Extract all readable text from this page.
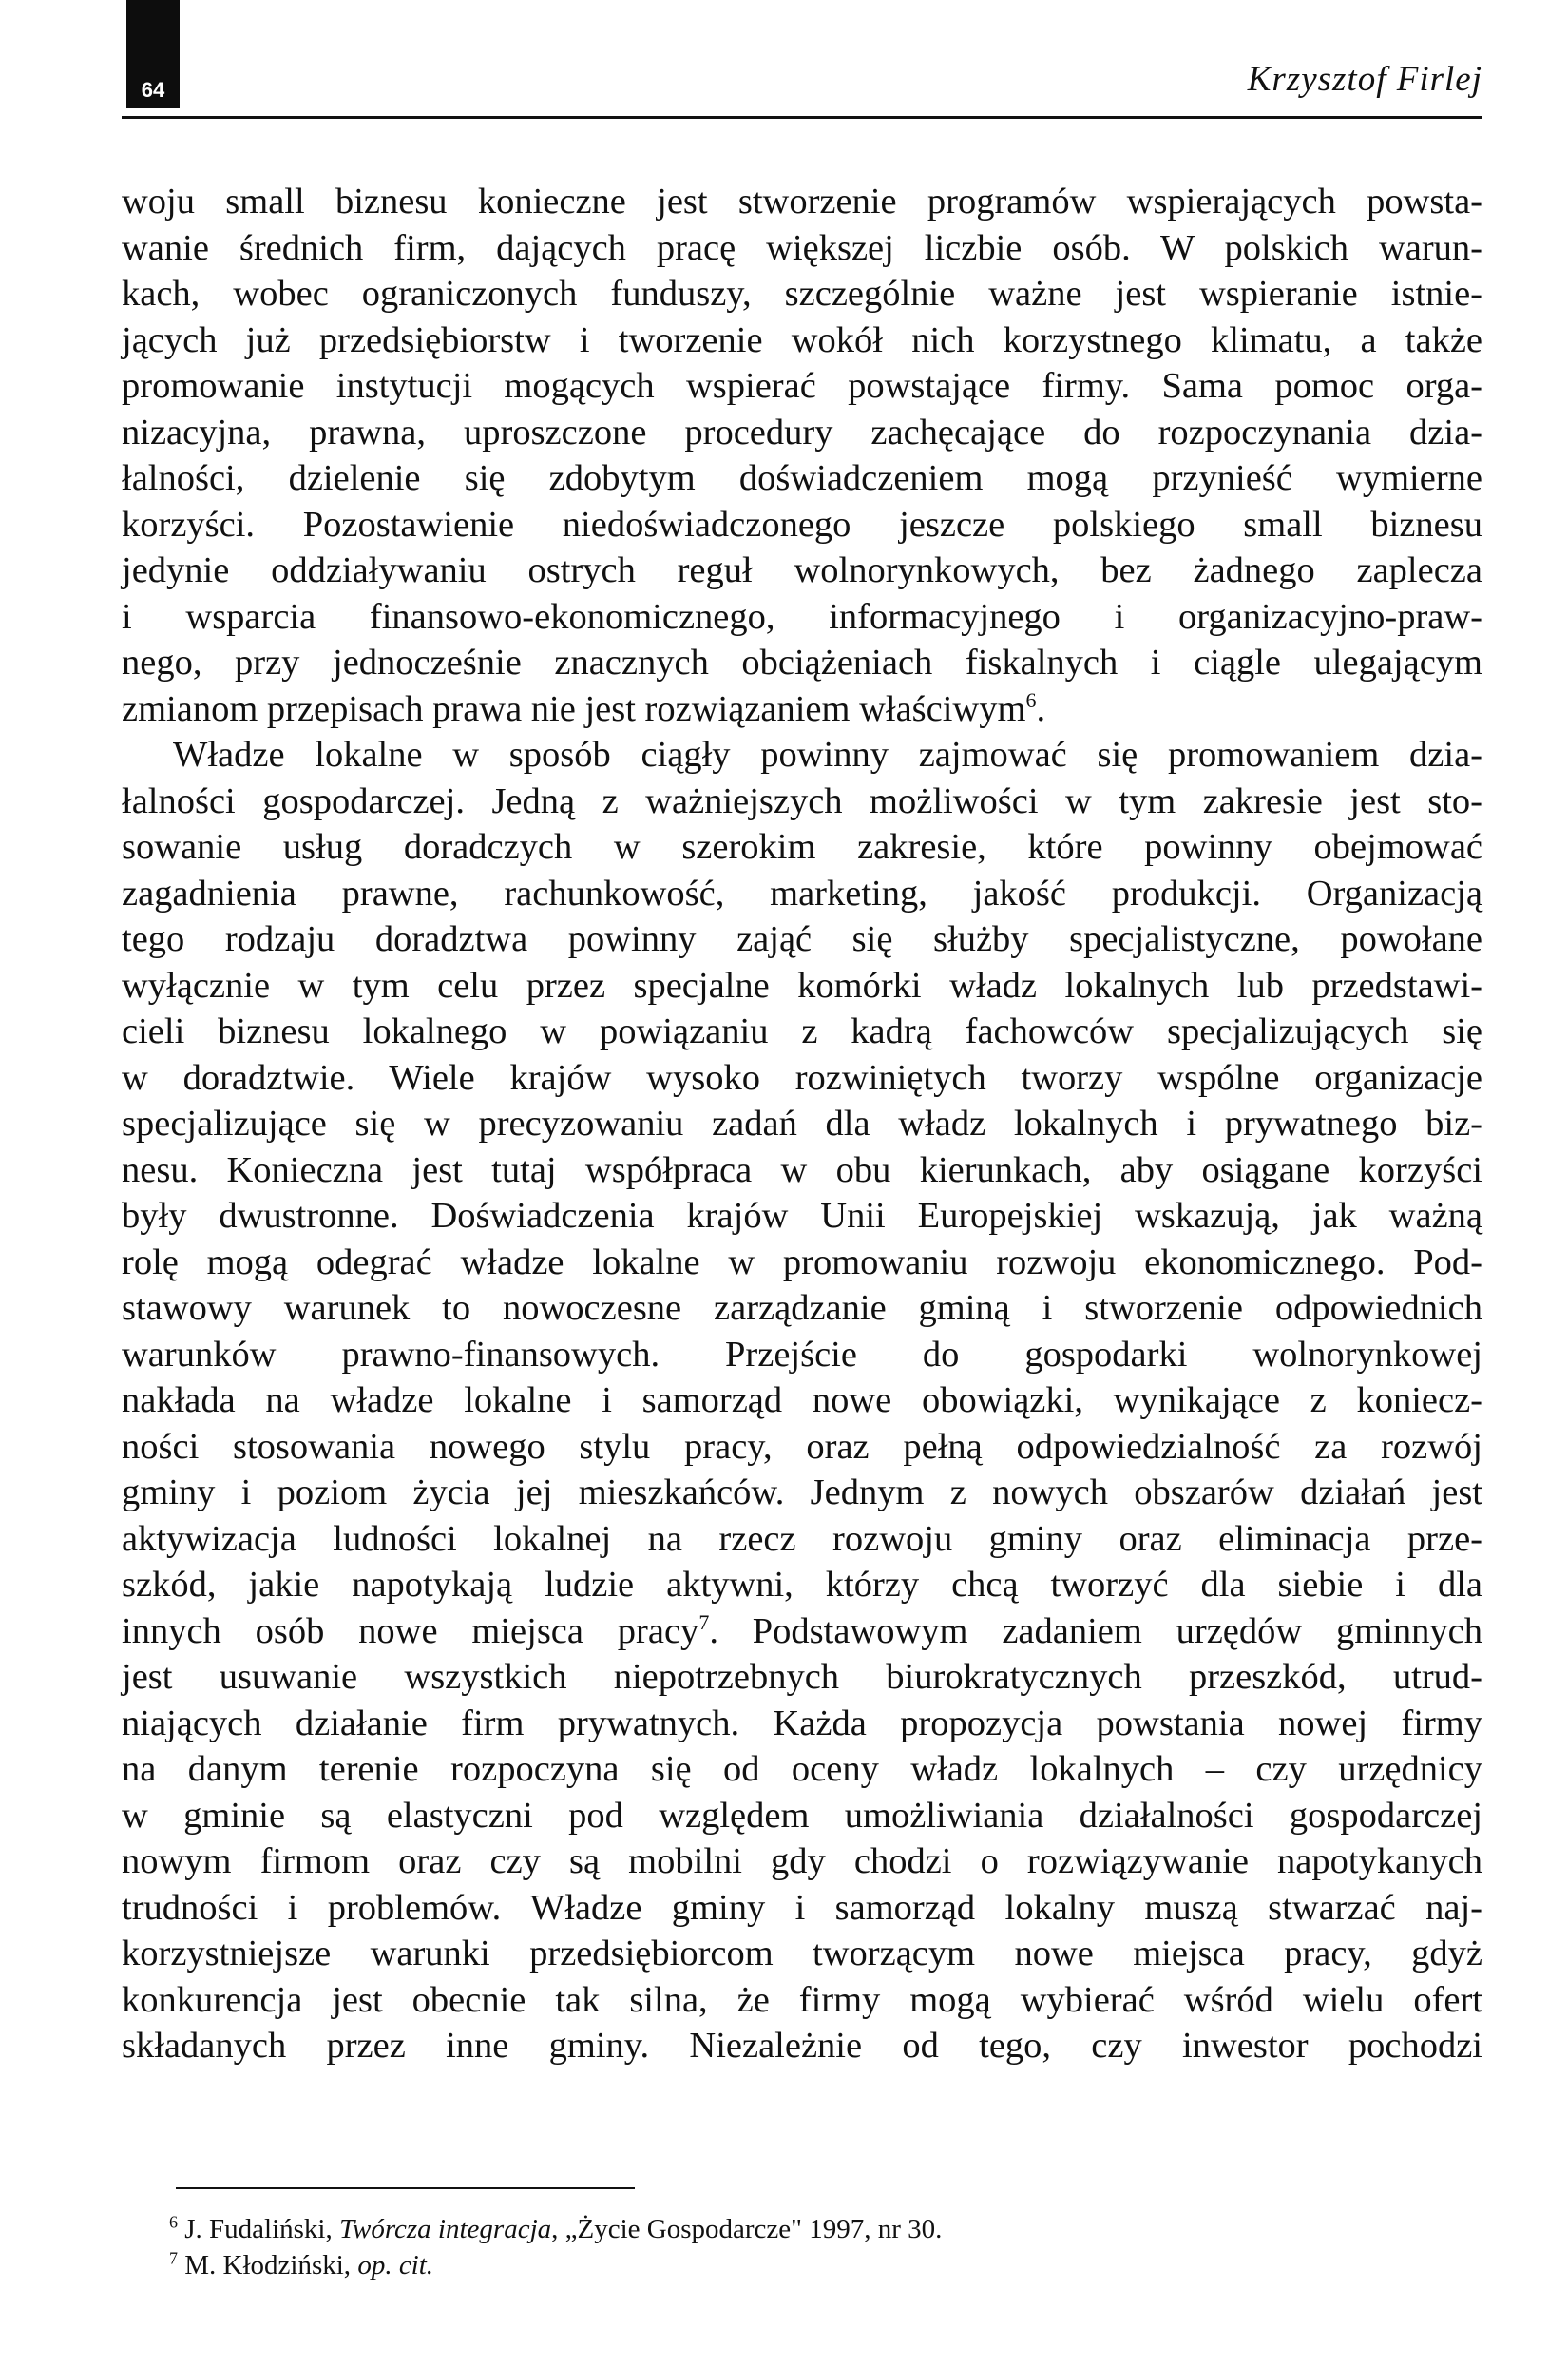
64	Krzysztof Firlej
woju small biznesu konieczne jest stworzenie programów wspierających powsta-
wanie średnich firm, dających pracę większej liczbie osób. W polskich warun-
kach, wobec ograniczonych funduszy, szczególnie ważne jest wspieranie istnie-
jących już przedsiębiorstw i tworzenie wokół nich korzystnego klimatu, a także
promowanie instytucji mogących wspierać powstające firmy. Sama pomoc orga-
nizacyjna, prawna, uproszczone procedury zachęcające do rozpoczynania dzia-
łalności, dzielenie się zdobytym doświadczeniem mogą przynieść wymierne
korzyści. Pozostawienie niedoświadczonego jeszcze polskiego small biznesu
jedynie oddziaływaniu ostrych reguł wolnorynkowych, bez żadnego zaplecza
i wsparcia finansowo-ekonomicznego, informacyjnego i organizacyjno-praw-
nego, przy jednocześnie znacznych obciążeniach fiskalnych i ciągle ulegającym
zmianom przepisach prawa nie jest rozwiązaniem właściwym$^6$.
Władze lokalne w sposób ciągły powinny zajmować się promowaniem dzia-
łalności gospodarczej. Jedną z ważniejszych możliwości w tym zakresie jest sto-
sowanie usług doradczych w szerokim zakresie, które powinny obejmować
zagadnienia prawne, rachunkowość, marketing, jakość produkcji. Organizacją
tego rodzaju doradztwa powinny zająć się służby specjalistyczne, powołane
wyłącznie w tym celu przez specjalne komórki władz lokalnych lub przedstawi-
cieli biznesu lokalnego w powiązaniu z kadrą fachowców specjalizujących się
w doradztwie. Wiele krajów wysoko rozwiniętych tworzy wspólne organizacje
specjalizujące się w precyzowaniu zadań dla władz lokalnych i prywatnego biz-
nesu. Konieczna jest tutaj współpraca w obu kierunkach, aby osiągane korzyści
były dwustronne. Doświadczenia krajów Unii Europejskiej wskazują, jak ważną
rolę mogą odegrać władze lokalne w promowaniu rozwoju ekonomicznego. Pod-
stawowy warunek to nowoczesne zarządzanie gminą i stworzenie odpowiednich
warunków prawno-finansowych. Przejście do gospodarki wolnorynkowej
nakłada na władze lokalne i samorząd nowe obowiązki, wynikające z koniecz-
ności stosowania nowego stylu pracy, oraz pełną odpowiedzialność za rozwój
gminy i poziom życia jej mieszkańców. Jednym z nowych obszarów działań jest
aktywizacja ludności lokalnej na rzecz rozwoju gminy oraz eliminacja prze-
szkód, jakie napotykają ludzie aktywni, którzy chcą tworzyć dla siebie i dla
innych osób nowe miejsca pracy$^7$. Podstawowym zadaniem urzędów gminnych
jest usuwanie wszystkich niepotrzebnych biurokratycznych przeszkód, utrud-
niających działanie firm prywatnych. Każda propozycja powstania nowej firmy
na danym terenie rozpoczyna się od oceny władz lokalnych – czy urzędnicy
w gminie są elastyczni pod względem umożliwiania działalności gospodarczej
nowym firmom oraz czy są mobilni gdy chodzi o rozwiązywanie napotykanych
trudności i problemów. Władze gminy i samorząd lokalny muszą stwarzać naj-
korzystniejsze warunki przedsiębiorcom tworzącym nowe miejsca pracy, gdyż
konkurencja jest obecnie tak silna, że firmy mogą wybierać wśród wielu ofert
składanych przez inne gminy. Niezależnie od tego, czy inwestor pochodzi
$^6$ J. Fudaliński, Twórcza integracja, „Życie Gospodarcze" 1997, nr 30.
$^7$ M. Kłodziński, op. cit.
